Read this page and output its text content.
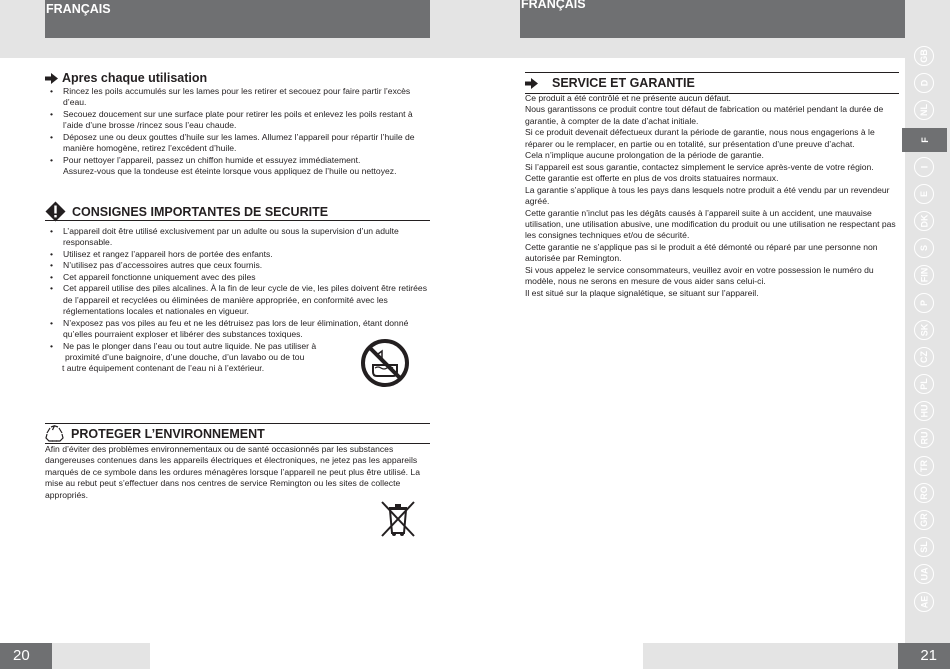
FRANÇAIS	FRANÇAIS
Apres chaque utilisation
• Rincez les poils accumulés sur les lames pour les retirer et secouez pour faire partir l’excès d’eau.
• Secouez doucement sur une surface plate pour retirer les poils et enlevez les poils restant à l’aide d’une brosse /rincez sous l’eau chaude.
• Déposez une ou deux gouttes d’huile sur les lames. Allumez l’appareil pour répartir l’huile de manière homogène, retirez l’excédent d’huile.
• Pour nettoyer l’appareil, passez un chiffon humide et essuyez immédiatement.
Assurez-vous que la tondeuse est éteinte lorsque vous appliquez de l’huile ou nettoyez.
CONSIGNES IMPORTANTES DE SECURITE
• L’appareil doit être utilisé exclusivement par un adulte ou sous la supervision d’un adulte responsable.
• Utilisez et rangez l’appareil hors de portée des enfants.
• N’utilisez pas d’accessoires autres que ceux fournis.
• Cet appareil fonctionne uniquement avec des piles
• Cet appareil utilise des piles alcalines. À la fin de leur cycle de vie, les piles doivent être retirées de l’appareil et recyclées ou éliminées de manière appropriée, en conformité avec les réglementations locales et nationales en vigueur.
• N’exposez pas vos piles au feu et ne les détruisez pas lors de leur élimination, étant donné qu’elles pourraient exploser et libérer des substances toxiques.
• Ne pas le plonger dans l’eau ou tout autre liquide. Ne pas utiliser à
proximité d’une baignoire, d’une douche, d’un lavabo ou de tou
t autre équipement contenant de l’eau ni à l’extérieur.
PROTEGER L’ENVIRONNEMENT
Afin d’éviter des problèmes environnementaux ou de santé occasionnés par les substances dangereuses contenues dans les appareils électriques et électroniques, ne jetez pas les appareils marqués de ce symbole dans les ordures ménagères lorsque l’appareil ne peut plus être utilisé. La mise au rebut peut s’effectuer dans nos centres de service Remington ou les sites de collecte appropriés.
SERVICE ET GARANTIE
Ce produit a été contrôlé et ne présente aucun défaut.
Nous garantissons ce produit contre tout défaut de fabrication ou matériel pendant la durée de garantie, à compter de la date d’achat initiale.
Si ce produit devenait défectueux durant la période de garantie, nous nous engagerions à le réparer ou le remplacer, en partie ou en totalité, sur présentation d’une preuve d’achat.
Cela n’implique aucune prolongation de la période de garantie.
Si l’appareil est sous garantie, contactez simplement le service après-vente de votre région.
Cette garantie est offerte en plus de vos droits statuaires normaux.
La garantie s’applique à tous les pays dans lesquels notre produit a été vendu par un revendeur agréé.
Cette garantie n’inclut pas les dégâts causés à l’appareil suite à un accident, une mauvaise utilisation, une utilisation abusive, une modification du produit ou une utilisation ne respectant pas les consignes techniques et/ou de sécurité.
Cette garantie ne s’applique pas si le produit a été démonté ou réparé par une personne non autorisée par Remington.
Si vous appelez le service consommateurs, veuillez avoir en votre possession le numéro du modèle, nous ne serons en mesure de vous aider sans celui-ci.
Il est situé sur la plaque signalétique, se situant sur l’appareil.
GB
D
NL
F
I
E
DK
S
FIN
P
SK
CZ
PL
HU
RU
TR
RO
GR
SL
UA
AE
20	21
